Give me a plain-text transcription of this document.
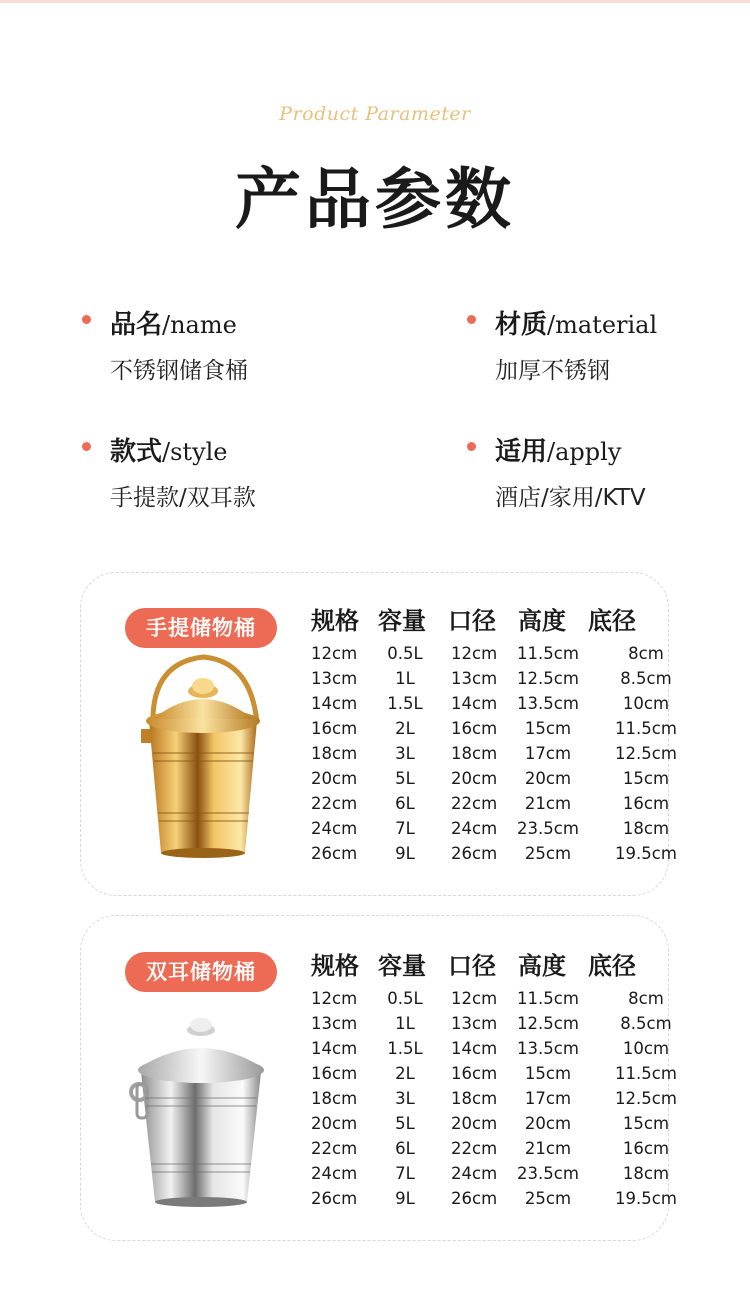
Product Parameter
产品参数
品名/name
不锈钢储食桶
材质/material
加厚不锈钢
款式/style
手提款/双耳款
适用/apply
酒店/家用/KTV
手提储物桶	规格 容量 口径 高度 底径
12cm 0.5L 12cm 11.5cm	8cm
13cm 1L 13cm 12.5cm	8.5cm
14cm 1.5L 14cm 13.5cm	10cm
16cm 2L 16cm 15cm	11.5cm
18cm 3L 18cm 17cm	12.5cm
20cm 5L 20cm 20cm	15cm
22cm 6L 22cm 21cm	16cm
24cm 7L 24cm 23.5cm	18cm
26cm 9L 26cm 25cm	19.5cm
双耳储物桶	规格 容量 口径 高度 底径
12cm 0.5L 12cm 11.5cm	8cm
13cm 1L 13cm 12.5cm	8.5cm
14cm 1.5L 14cm 13.5cm	10cm
16cm 2L 16cm 15cm	11.5cm
18cm 3L 18cm 17cm	12.5cm
20cm 5L 20cm 20cm	15cm
22cm 6L 22cm 21cm	16cm
24cm 7L 24cm 23.5cm	18cm
26cm 9L 26cm 25cm	19.5cm
